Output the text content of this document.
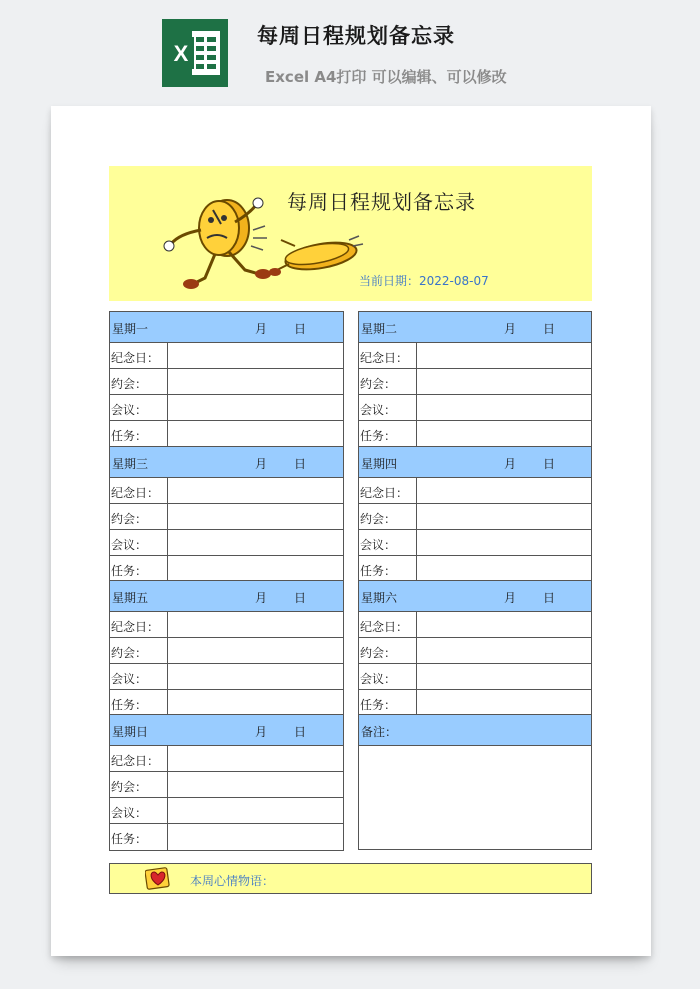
X
每周日程规划备忘录
Excel A4打印 可以编辑、可以修改
每周日程规划备忘录
当前日期：2022-08-07
星期一	月 日
纪念日：
约会：
会议：
任务：
星期二	月 日
纪念日：
约会：
会议：
任务：
星期三	月 日
纪念日：
约会：
会议：
任务：
星期四	月 日
纪念日：
约会：
会议：
任务：
星期五	月 日
纪念日：
约会：
会议：
任务：
星期六	月 日
纪念日：
约会：
会议：
任务：
星期日	月 日
纪念日：
约会：
会议：
任务：
备注：
本周心情物语：
